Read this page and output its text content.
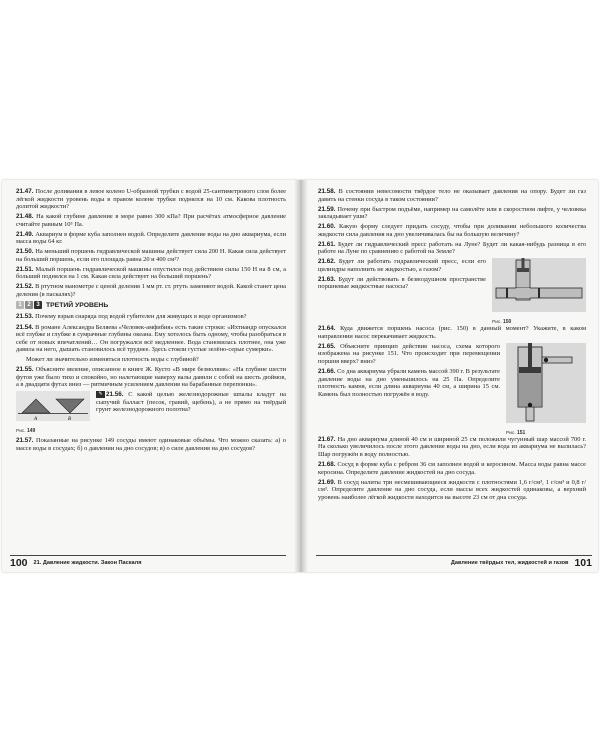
21.47. После доливания в левое колено U-образной трубки с водой 25-сантиметрового слоя более лёгкой жидкости уровень воды в правом колене трубки поднялся на 10 см. Какова плотность долитой жидкости?
21.48. На какой глубине давление в море равно 300 кПа? При расчётах атмосферное давление считайте равным 10⁵ Па.
21.49. Аквариум в форме куба заполнен водой. Определите давление воды на дно аквариума, если масса воды 64 кг.
21.50. На меньший поршень гидравлической машины действует сила 200 Н. Какая сила действует на больший поршень, если его площадь равна 20 и 400 см²?
21.51. Малый поршень гидравлической машины опустился под действием силы 150 Н на 8 см, а больший поднялся на 1 см. Какая сила действует на больший поршень?
21.52. В ртутном манометре с ценой деления 1 мм рт. ст. ртуть заменяют водой. Какой станет цена деления (в паскалях)?
1 2 3 ТРЕТИЙ УРОВЕНЬ
21.53. Почему взрыв снаряда под водой губителен для живущих в воде организмов?
21.54. В романе Александра Беляева «Человек-амфибия» есть такие строки: «Ихтиандр опускался всё глубже и глубже в сумрачные глубины океана. Ему хотелось быть одному, чтобы разобраться в себе от новых впечатлений… Он погружался всё медленнее. Вода становилась плотнее, она уже давила на него, дышать становилось всё труднее. Здесь стояли густые зелёно-серые сумерки».
Может ли значительно изменяться плотность воды с глубиной?
21.55. Объясните явление, описанное в книге Ж. Кусто «В мире безмолвия»: «На глубине шести футов уже было тихо и спокойно, но налетающие наверху валы давили с собой на шесть дюймов, а в двадцати футах вниз — ритмичным усилением давления на барабанные перепонки».
A	B
Рис. 149
✎ 21.56. С какой целью железнодорожные шпалы кладут на сыпучий балласт (песок, гравий, щебень), а не прямо на твёрдый грунт железнодорожного полотна?
21.57. Показанные на рисунке 149 сосуды имеют одинаковые объёмы. Что можно сказать: а) о массе воды в сосудах; б) о давлении на дно сосудов; в) о силе давления на дно сосудов?
100 21. Давление жидкости. Закон Паскаля
21.58. В состоянии невесомости твёрдое тело не оказывает давления на опору. Будет ли газ давить на стенки сосуда в таком состоянии?
21.59. Почему при быстром подъёме, например на самолёте или в скоростном лифте, у человека закладывает уши?
21.60. Какую форму следует придать сосуду, чтобы при доливании небольшого количества жидкости сила давления на дно увеличивалась бы на большую величину?
21.61. Будет ли гидравлический пресс работать на Луне? Будет ли какая-нибудь разница в его работе на Луне по сравнению с работой на Земле?
21.62. Будет ли работать гидравлический пресс, если его цилиндры наполнить не жидкостью, а газом?
21.63. Будут ли действовать в безвоздушном пространстве поршневые жидкостные насосы?
Рис. 150
21.64. Куда движется поршень насоса (рис. 150) в данный момент? Укажите, в каком направлении насос перекачивает жидкость.
21.65. Объясните принцип действия насоса, схема которого изображена на рисунке 151. Что происходит при перемещении поршня вверх? вниз?
21.66. Со дна аквариума убрали камень массой 390 г. В результате давление воды на дно уменьшилось на 25 Па. Определите плотность камня, если длина аквариума 40 см, а ширина 15 см. Камень был полностью погружён в воду.
Рис. 151
21.67. На дно аквариума длиной 40 см и шириной 25 см положили чугунный шар массой 700 г. На сколько увеличилось после этого давление воды на дно, если вода из аквариума не вылилась? Шар погружён в воду полностью.
21.68. Сосуд в форме куба с ребром 36 см заполнен водой и керосином. Масса воды равна массе керосина. Определите давление жидкостей на дно сосуда.
21.69. В сосуд налиты три несмешивающиеся жидкости с плотностями 1,6 г/см³, 1 г/см³ и 0,8 г/см³. Определите давление на дно сосуда, если массы всех жидкостей одинаковы, а верхний уровень наиболее лёгкой жидкости находится на высоте 23 см от дна сосуда.
Давление твёрдых тел, жидкостей и газов 101
